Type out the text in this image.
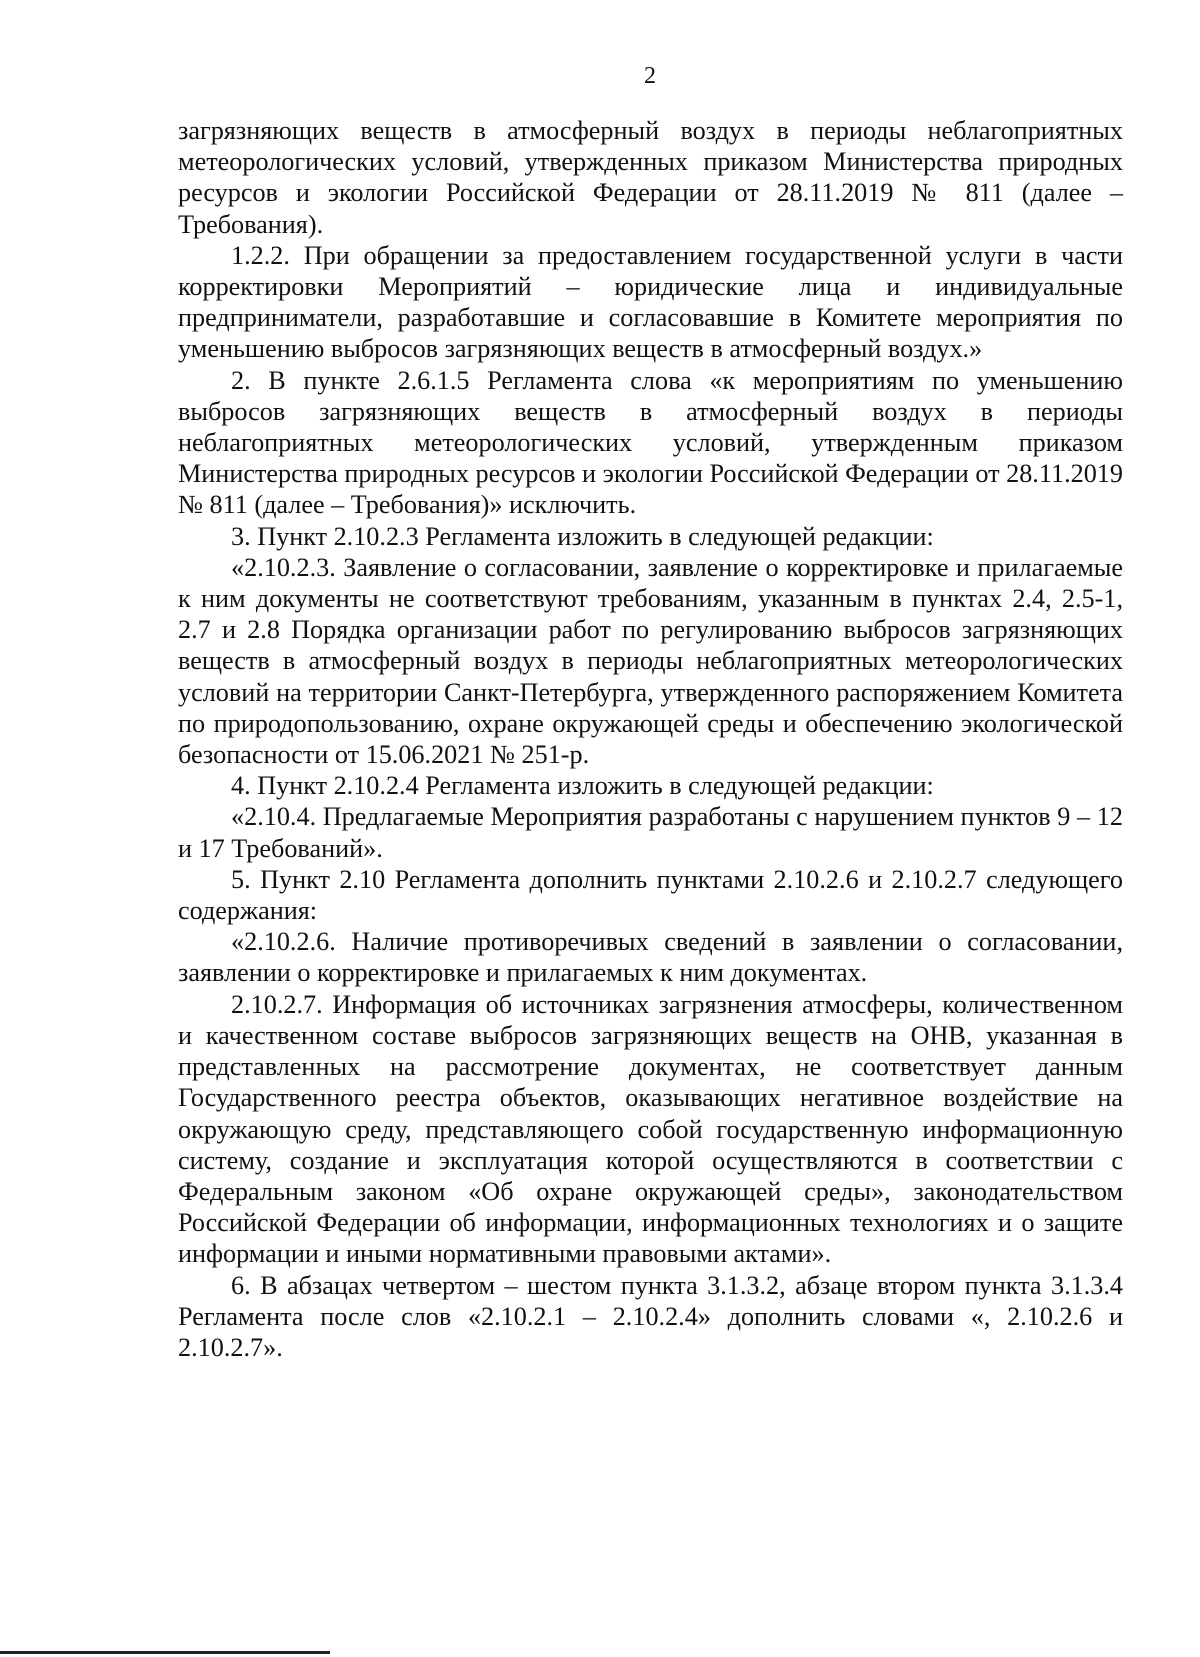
2

загрязняющих веществ в атмосферный воздух в периоды неблагоприятных метеорологических условий, утвержденных приказом Министерства природных ресурсов и экологии Российской Федерации от 28.11.2019 № 811 (далее – Требования).

1.2.2. При обращении за предоставлением государственной услуги в части корректировки Мероприятий – юридические лица и индивидуальные предприниматели, разработавшие и согласовавшие в Комитете мероприятия по уменьшению выбросов загрязняющих веществ в атмосферный воздух.»

2. В пункте 2.6.1.5 Регламента слова «к мероприятиям по уменьшению выбросов загрязняющих веществ в атмосферный воздух в периоды неблагоприятных метеорологических условий, утвержденным приказом Министерства природных ресурсов и экологии Российской Федерации от 28.11.2019 № 811 (далее – Требования)» исключить.

3. Пункт 2.10.2.3 Регламента изложить в следующей редакции:

«2.10.2.3. Заявление о согласовании, заявление о корректировке и прилагаемые к ним документы не соответствуют требованиям, указанным в пунктах 2.4, 2.5-1, 2.7 и 2.8 Порядка организации работ по регулированию выбросов загрязняющих веществ в атмосферный воздух в периоды неблагоприятных метеорологических условий на территории Санкт-Петербурга, утвержденного распоряжением Комитета по природопользованию, охране окружающей среды и обеспечению экологической безопасности от 15.06.2021 № 251-р.

4. Пункт 2.10.2.4 Регламента изложить в следующей редакции:

«2.10.4. Предлагаемые Мероприятия разработаны с нарушением пунктов 9 – 12 и 17 Требований».

5. Пункт 2.10 Регламента дополнить пунктами 2.10.2.6 и 2.10.2.7 следующего содержания:

«2.10.2.6. Наличие противоречивых сведений в заявлении о согласовании, заявлении о корректировке и прилагаемых к ним документах.

2.10.2.7. Информация об источниках загрязнения атмосферы, количественном и качественном составе выбросов загрязняющих веществ на ОНВ, указанная в представленных на рассмотрение документах, не соответствует данным Государственного реестра объектов, оказывающих негативное воздействие на окружающую среду, представляющего собой государственную информационную систему, создание и эксплуатация которой осуществляются в соответствии с Федеральным законом «Об охране окружающей среды», законодательством Российской Федерации об информации, информационных технологиях и о защите информации и иными нормативными правовыми актами».

6. В абзацах четвертом – шестом пункта 3.1.3.2, абзаце втором пункта 3.1.3.4 Регламента после слов «2.10.2.1 – 2.10.2.4» дополнить словами «, 2.10.2.6 и 2.10.2.7».
